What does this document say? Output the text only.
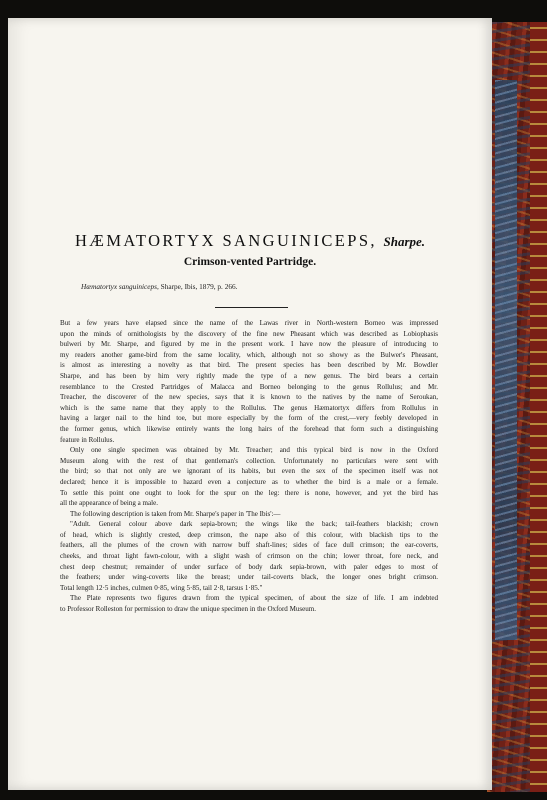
HÆMATORTYX SANGUINICEPS, Sharpe.
Crimson-vented Partridge.
Hæmatortyx sanguiniceps, Sharpe, Ibis, 1879, p. 266.

But a few years have elapsed since the name of the Lawas river in North-western Borneo was impressed
upon the minds of ornithologists by the discovery of the fine new Pheasant which was described as Lobiophasis
bulweri by Mr. Sharpe, and figured by me in the present work. I have now the pleasure of introducing to
my readers another game-bird from the same locality, which, although not so showy as the Bulwer's Pheasant,
is almost as interesting a novelty as that bird. The present species has been described by Mr. Bowdler
Sharpe, and has been by him very rightly made the type of a new genus. The bird bears a certain
resemblance to the Crested Partridges of Malacca and Borneo belonging to the genus Rollulus; and Mr.
Treacher, the discoverer of the new species, says that it is known to the natives by the name of Seroukan,
which is the same name that they apply to the Rollulus. The genus Hæmatortyx differs from Rollulus in
having a larger nail to the hind toe, but more especially by the form of the crest,—very feebly developed in
the former genus, which likewise entirely wants the long hairs of the forehead that form such a distinguishing
feature in Rollulus.

Only one single specimen was obtained by Mr. Treacher; and this typical bird is now in the Oxford
Museum along with the rest of that gentleman's collection. Unfortunately no particulars were sent with
the bird; so that not only are we ignorant of its habits, but even the sex of the specimen itself was not
declared; hence it is impossible to hazard even a conjecture as to whether the bird is a male or a female.
To settle this point one ought to look for the spur on the leg: there is none, however, and yet the bird has
all the appearance of being a male.

The following description is taken from Mr. Sharpe's paper in 'The Ibis':—

"Adult. General colour above dark sepia-brown; the wings like the back; tail-feathers blackish; crown
of head, which is slightly crested, deep crimson, the nape also of this colour, with blackish tips to the
feathers, all the plumes of the crown with narrow buff shaft-lines; sides of face dull crimson; the ear-coverts,
cheeks, and throat light fawn-colour, with a slight wash of crimson on the chin; lower throat, fore neck, and
chest deep chestnut; remainder of under surface of body dark sepia-brown, with paler edges to most of
the feathers; under wing-coverts like the breast; under tail-coverts black, the longer ones bright crimson.
Total length 12·5 inches, culmen 0·85, wing 5·85, tail 2·8, tarsus 1·85."

The Plate represents two figures drawn from the typical specimen, of about the size of life. I am indebted
to Professor Rolleston for permission to draw the unique specimen in the Oxford Museum.
